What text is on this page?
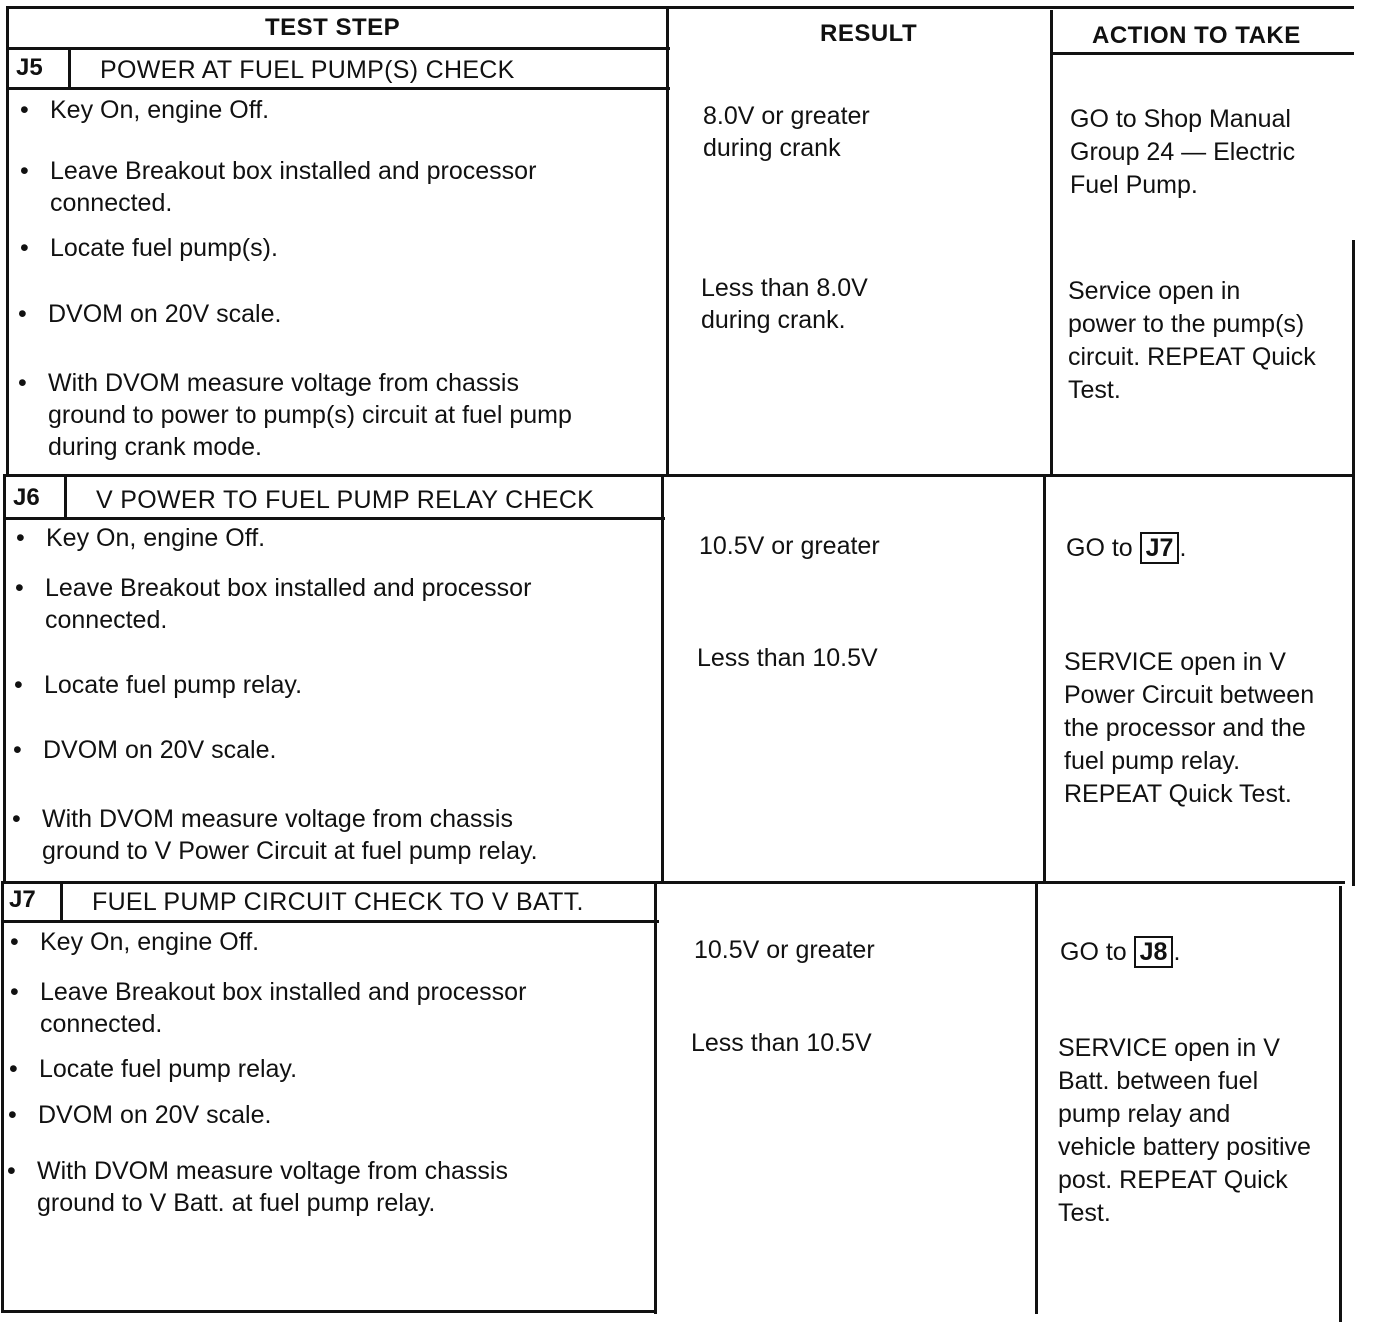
TEST STEP	RESULT	ACTION TO TAKE
J5 POWER AT FUEL PUMP(S) CHECK
• Key On, engine Off.
• Leave Breakout box installed and processor
connected.
• Locate fuel pump(s).
• DVOM on 20V scale.
• With DVOM measure voltage from chassis
ground to power to pump(s) circuit at fuel pump
during crank mode.
8.0V or greater
during crank
Less than 8.0V
during crank.
GO to Shop Manual
Group 24 — Electric
Fuel Pump.
Service open in
power to the pump(s)
circuit. REPEAT Quick
Test.
J6 V POWER TO FUEL PUMP RELAY CHECK
• Key On, engine Off.
• Leave Breakout box installed and processor
connected.
• Locate fuel pump relay.
• DVOM on 20V scale.
• With DVOM measure voltage from chassis
ground to V Power Circuit at fuel pump relay.
10.5V or greater
Less than 10.5V
GO to J7 .
SERVICE open in V
Power Circuit between
the processor and the
fuel pump relay.
REPEAT Quick Test.
J7 FUEL PUMP CIRCUIT CHECK TO V BATT.
• Key On, engine Off.
• Leave Breakout box installed and processor
connected.
• Locate fuel pump relay.
• DVOM on 20V scale.
• With DVOM measure voltage from chassis
ground to V Batt. at fuel pump relay.
10.5V or greater
Less than 10.5V
GO to J8 .
SERVICE open in V
Batt. between fuel
pump relay and
vehicle battery positive
post. REPEAT Quick
Test.
